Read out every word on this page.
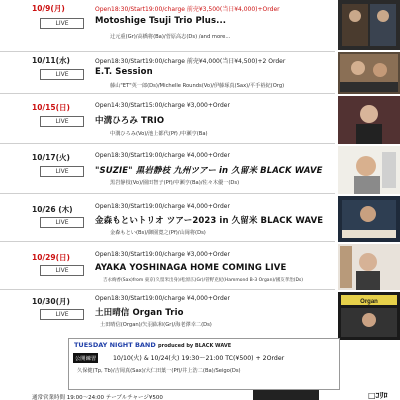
10/9(月)
LIVE
Open18:30/Start19:00/charge 前売¥3,500(当日¥4,000)+Order
Motoshige Tsuji Trio Plus...
辻元重(Gr)/高橋将(Ba)/菅原高志(Ds) /and more...
10/11(水)
LIVE
Open18:30/Start19:00/charge 前売¥4,000(当日¥4,500)+2 Order
E.T. Session
藤山"ET"英一郎(Ds)/Michelle Rounds(Vo)/伊藤琢真(Sax)/平手裕紀(Org)
10/15(日)
LIVE
Open14:30/Start15:00/charge ¥3,000+Order
中溝ひろみ TRIO
中溝ひろみ(Vo)/池上都代(Pf) /中瀬亨(Ba)
10/17(火)
LIVE
Open18:30/Start19:00/charge ¥4,000+Order
"SUZIE" 黒岩静枝 九州ツアー in 久留米 BLACK WAVE
黒岩静枝(Vo)/園田智子(Pf)/中瀬亨(Ba)/佐々木優一(Ds)
10/26 (木)
LIVE
Open18:30/Start19:00/charge ¥4,000+Order
金森もといトリオ ツアー2023 in 久留米 BLACK WAVE
金森もとい(Bs)/御園寛之(Pf)/山岡将(Ds)
10/29(日)
LIVE
Open18:30/Start19:00/charge ¥3,000+Order
AYAKA YOSHINAGA HOME COMING LIVE
吉永絢香(Sax)from 東京(久留米出身)/松原広(Gr)/菅野克紀(Hammond B-3 Organ)/國友孝治(Ds)
10/30(月)
LIVE
Open18:30/Start19:00/charge ¥4,000+Order
土田晴信 Organ Trio
土田晴信(Organ)/矢羽紘和(Gr)/海老澤幸二(Ds)
Organ
TUESDAY NIGHT BAND produced by BLACK WAVE
公開練習	10/10(火) & 10/24(火) 19:30～21:00 TC(¥500) + 2Order
久保健(Tp, Tb)/吉岡真(Sax)/大仁田葉一(Pf)/井上浩二(Ba)/Seigo(Ds)
通常営業時間 19:00～24:00 テーブルチャージ¥500	□ｺﾘﾛ
